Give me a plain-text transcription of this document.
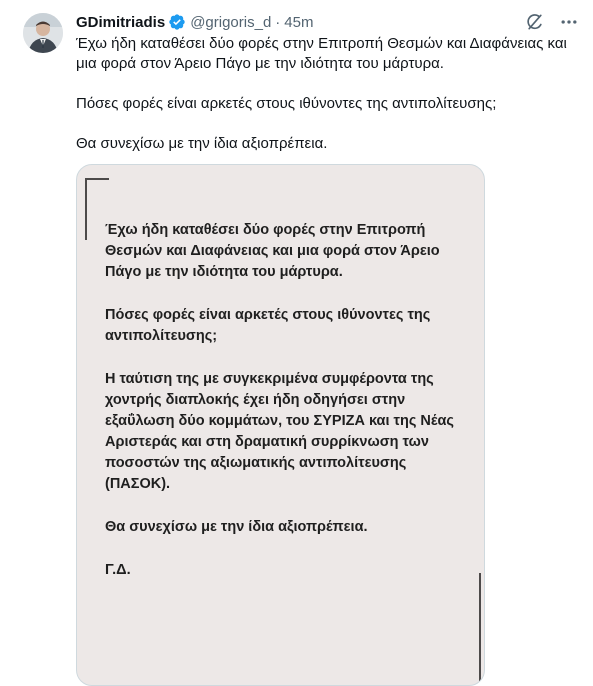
GDimitriadis @grigoris_d · 45m

Έχω ήδη καταθέσει δύο φορές στην Επιτροπή Θεσμών και Διαφάνειας και μια φορά στον Άρειο Πάγο με την ιδιότητα του μάρτυρα.

Πόσες φορές είναι αρκετές στους ιθύνοντες της αντιπολίτευσης;

Θα συνεχίσω με την ίδια αξιοπρέπεια.

Έχω ήδη καταθέσει δύο φορές στην Επιτροπή Θεσμών και Διαφάνειας και μια φορά στον Άρειο Πάγο με την ιδιότητα του μάρτυρα.

Πόσες φορές είναι αρκετές στους ιθύνοντες της αντιπολίτευσης;

Η ταύτιση της με συγκεκριμένα συμφέροντα της χοντρής διαπλοκής έχει ήδη οδηγήσει στην εξαΰλωση δύο κομμάτων, του ΣΥΡΙΖΑ και της Νέας Αριστεράς και στη δραματική συρρίκνωση των ποσοστών της αξιωματικής αντιπολίτευσης (ΠΑΣΟΚ).

Θα συνεχίσω με την ίδια αξιοπρέπεια.

Γ.Δ.
